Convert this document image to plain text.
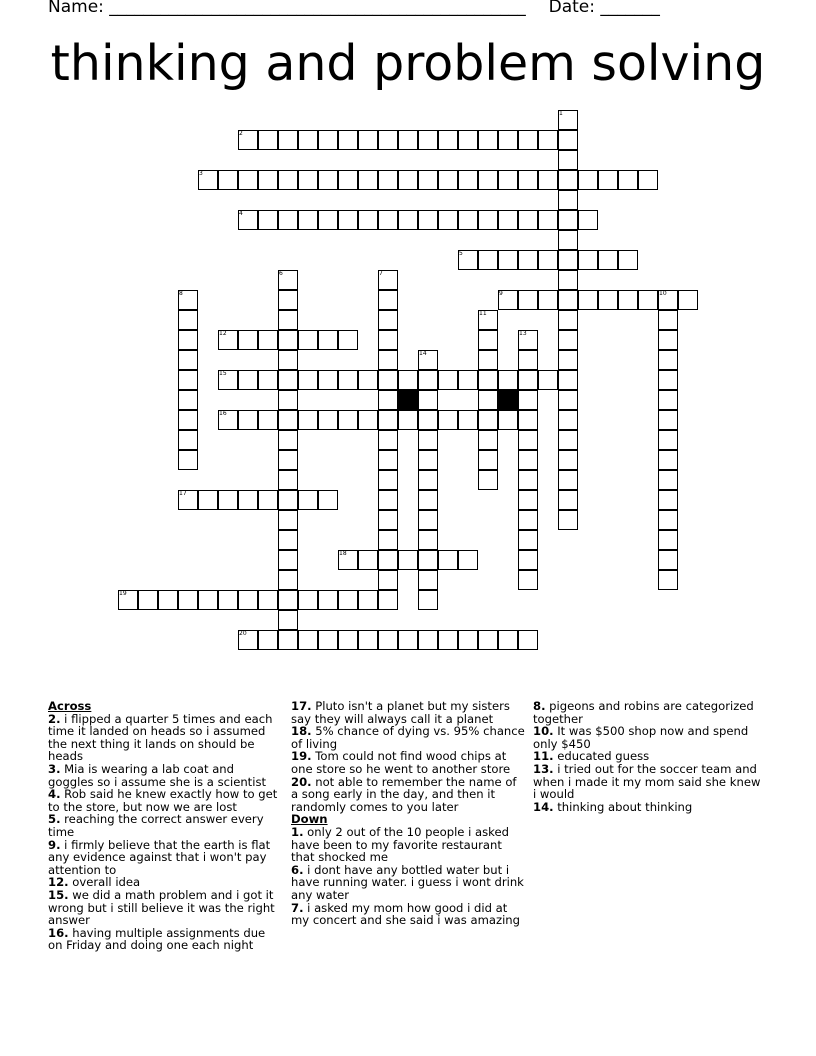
Name: _________________________________________________ Date: _______
thinking and problem solving
1
2
3
4
5
6	7
8	9	10
11
12	13
14
15
16
17
18
19
20
Across

2. i flipped a quarter 5 times and each time it landed on heads so i assumed the next thing it lands on should be heads

3. Mia is wearing a lab coat and goggles so i assume she is a scientist

4. Rob said he knew exactly how to get to the store, but now we are lost

5. reaching the correct answer every time

9. i firmly believe that the earth is flat any evidence against that i won't pay attention to

12. overall idea

15. we did a math problem and i got it wrong but i still believe it was the right answer

16. having multiple assignments due on Friday and doing one each night

17. Pluto isn't a planet but my sisters say they will always call it a planet

18. 5% chance of dying vs. 95% chance of living

19. Tom could not find wood chips at one store so he went to another store

20. not able to remember the name of a song early in the day, and then it randomly comes to you later

Down

1. only 2 out of the 10 people i asked have been to my favorite restaurant that shocked me

6. i dont have any bottled water but i have running water. i guess i wont drink any water

7. i asked my mom how good i did at my concert and she said i was amazing

8. pigeons and robins are categorized together

10. It was $500 shop now and spend only $450

11. educated guess

13. i tried out for the soccer team and when i made it my mom said she knew i would

14. thinking about thinking
